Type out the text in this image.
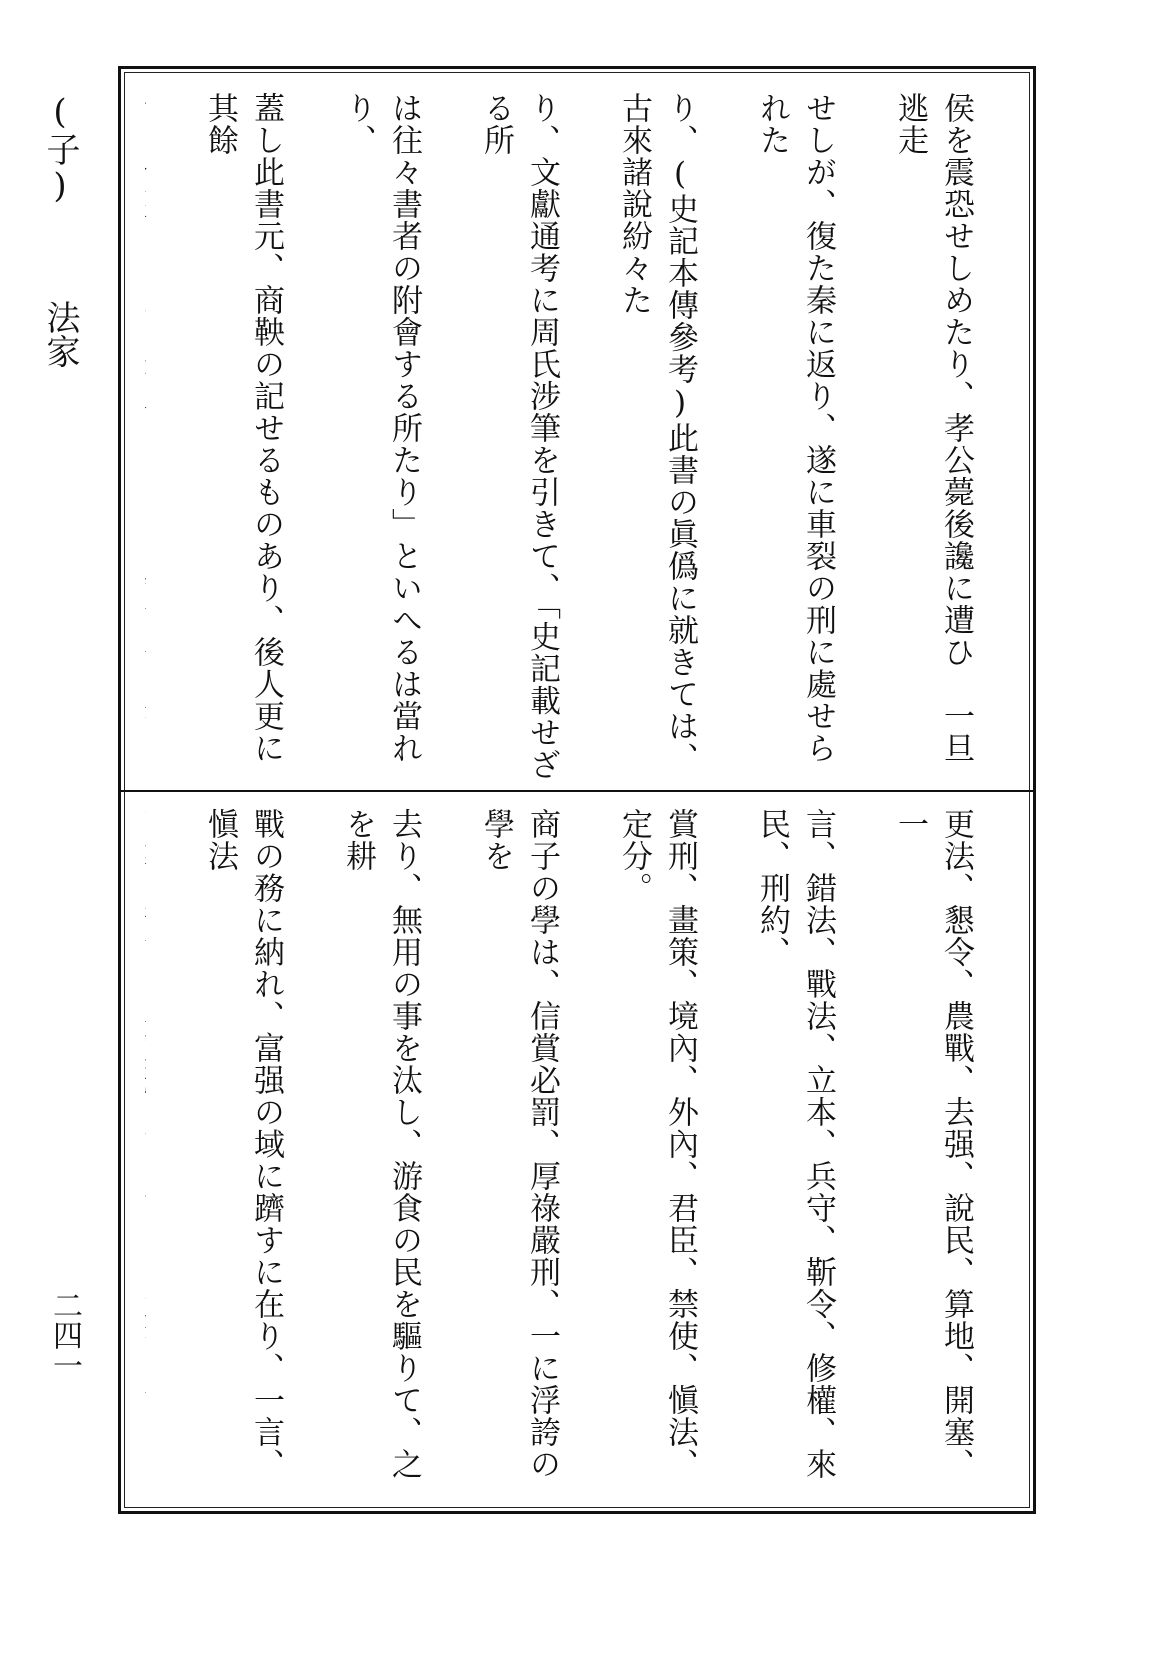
(子) 法家
二四一

侯を震恐せしめたり、孝公薨後讒に遭ひ　一旦逃走

せしが、復た秦に返り、遂に車裂の刑に處せられた

り、(史記本傳參考)此書の眞僞に就きては、古來諸說紛々た

り、文獻通考に周氏涉筆を引きて、「史記載せざる所

は往々書者の附會する所たり」といへるは當れり、

蓋し此書元、商鞅の記せるものあり、後人更に其餘

更法、懇令、農戰、去强、說民、算地、開塞、一

言、錯法、戰法、立本、兵守、靳令、修權、來民、刑約、

賞刑、畫策、境內、外內、君臣、禁使、愼法、定分。

商子の學は、信賞必罰、厚祿嚴刑、一に浮誇の學を

去り、無用の事を汰し、游食の民を驅りて、之を耕

戰の務に納れ、富强の域に躋すに在り、一言、愼法
